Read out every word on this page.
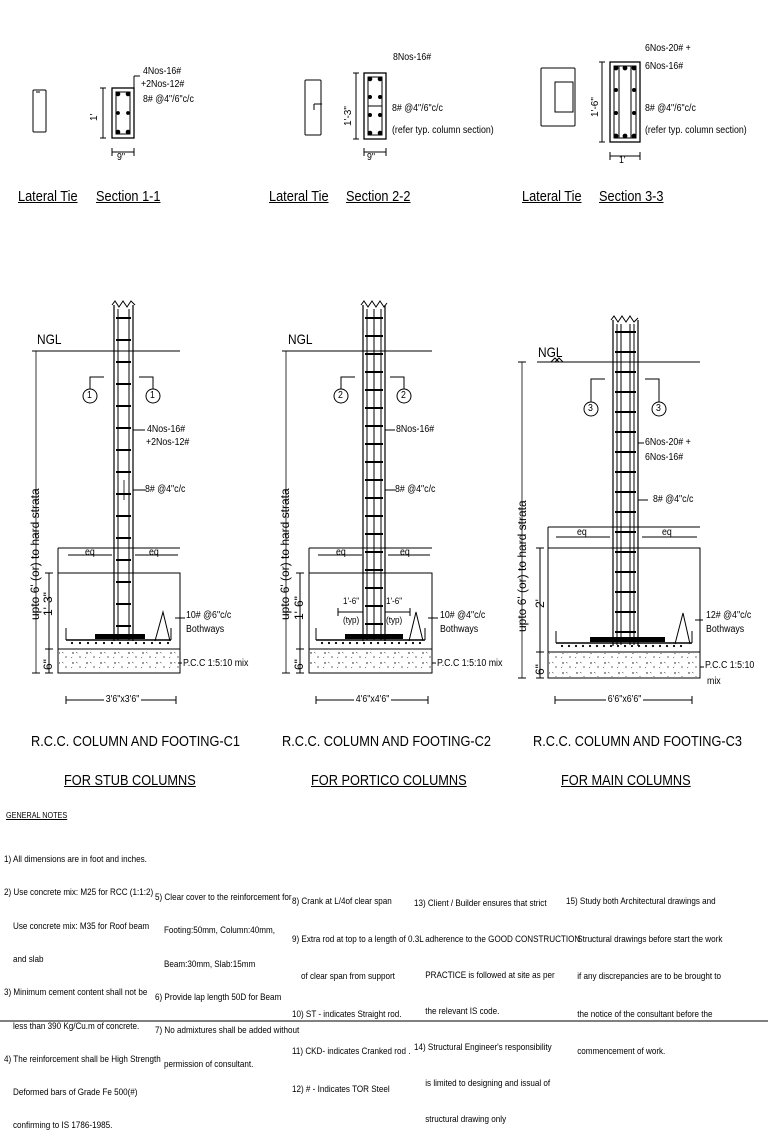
4Nos-16#
+2Nos-12#
8# @4"/6"c/c
1'
9"
Lateral Tie Section 1-1
8Nos-16#
8# @4"/6"c/c
(refer typ. column section)
1'-3"
9"
Lateral Tie Section 2-2
6Nos-20# +
6Nos-16#
8# @4"/6"c/c
(refer typ. column section)
1'-6"
1'
Lateral Tie Section 3-3
NGL
1	1
4Nos-16#
+2Nos-12#
8# @4"c/c
eq	eq
10# @6"c/c
Bothways
P.C.C 1:5:10 mix
upto 6' (or) to hard strata 1'-3"
6"
3'6"x3'6"
R.C.C. COLUMN AND FOOTING-C1
FOR STUB COLUMNS
NGL
2	2
8Nos-16#
8# @4"c/c
eq	eq
1'-6"
(typ)
1'-6"
(typ)	10# @4"c/c
Bothways
P.C.C 1:5:10 mix
upto 6' (or) to hard strata 1'-6"
6"
4'6"x4'6"
R.C.C. COLUMN AND FOOTING-C2
FOR PORTICO COLUMNS
NGL
3	3
6Nos-20# +
6Nos-16#
8# @4"c/c
eq	eq
12# @4"c/c
Bothways
P.C.C 1:5:10
mix
upto 6' (or) to hard strata 2'
6"
6'6"x6'6"
R.C.C. COLUMN AND FOOTING-C3
FOR MAIN COLUMNS
GENERAL NOTES

1) All dimensions are in foot and inches.

2) Use concrete mix: M25 for RCC (1:1:2)

Use concrete mix: M35 for Roof beam

and slab

3) Minimum cement content shall not be

less than 390 Kg/Cu.m of concrete.

4) The reinforcement shall be High Strength

Deformed bars of Grade Fe 500(#)

confirming to IS 1786-1985.

5) Clear cover to the reinforcement for

Footing:50mm, Column:40mm,

Beam:30mm, Slab:15mm

6) Provide lap length 50D for Beam

7) No admixtures shall be added without

permission of consultant.

8) Crank at L/4of clear span

9) Extra rod at top to a length of 0.3L

of clear span from support

10) ST - indicates Straight rod.

11) CKD- indicates Cranked rod .

12) # - Indicates TOR Steel

13) Client / Builder ensures that strict

adherence to the GOOD CONSTRUCTION

PRACTICE is followed at site as per

the relevant IS code.

14) Structural Engineer's responsibility

is limited to designing and issual of

structural drawing only

15) Study both Architectural drawings and

Structural drawings before start the work

if any discrepancies are to be brought to

the notice of the consultant before the

commencement of work.
